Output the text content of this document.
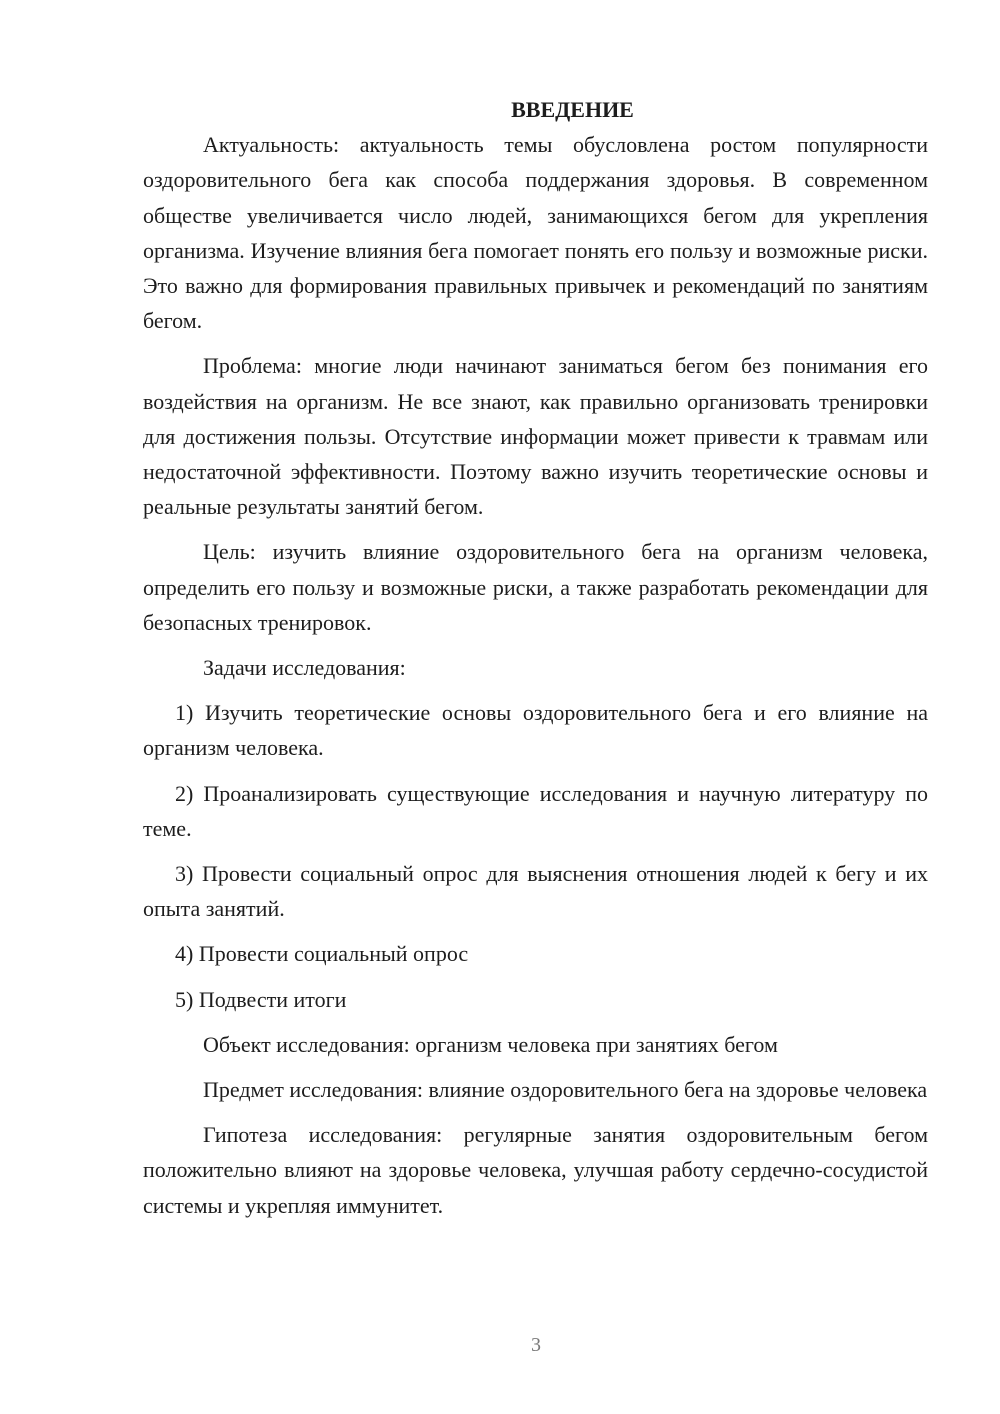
ВВЕДЕНИЕ

Актуальность: актуальность темы обусловлена ростом популярности оздоровительного бега как способа поддержания здоровья. В современном обществе увеличивается число людей, занимающихся бегом для укрепления организма. Изучение влияния бега помогает понять его пользу и возможные риски. Это важно для формирования правильных привычек и рекомендаций по занятиям бегом.

Проблема: многие люди начинают заниматься бегом без понимания его воздействия на организм. Не все знают, как правильно организовать тренировки для достижения пользы. Отсутствие информации может привести к травмам или недостаточной эффективности. Поэтому важно изучить теоретические основы и реальные результаты занятий бегом.

Цель: изучить влияние оздоровительного бега на организм человека, определить его пользу и возможные риски, а также разработать рекомендации для безопасных тренировок.

Задачи исследования:

1) Изучить теоретические основы оздоровительного бега и его влияние на организм человека.

2) Проанализировать существующие исследования и научную литературу по теме.

3) Провести социальный опрос для выяснения отношения людей к бегу и их опыта занятий.

4) Провести социальный опрос

5) Подвести итоги

Объект исследования: организм человека при занятиях бегом

Предмет исследования: влияние оздоровительного бега на здоровье человека

Гипотеза исследования: регулярные занятия оздоровительным бегом положительно влияют на здоровье человека, улучшая работу сердечно-сосудистой системы и укрепляя иммунитет.

3
